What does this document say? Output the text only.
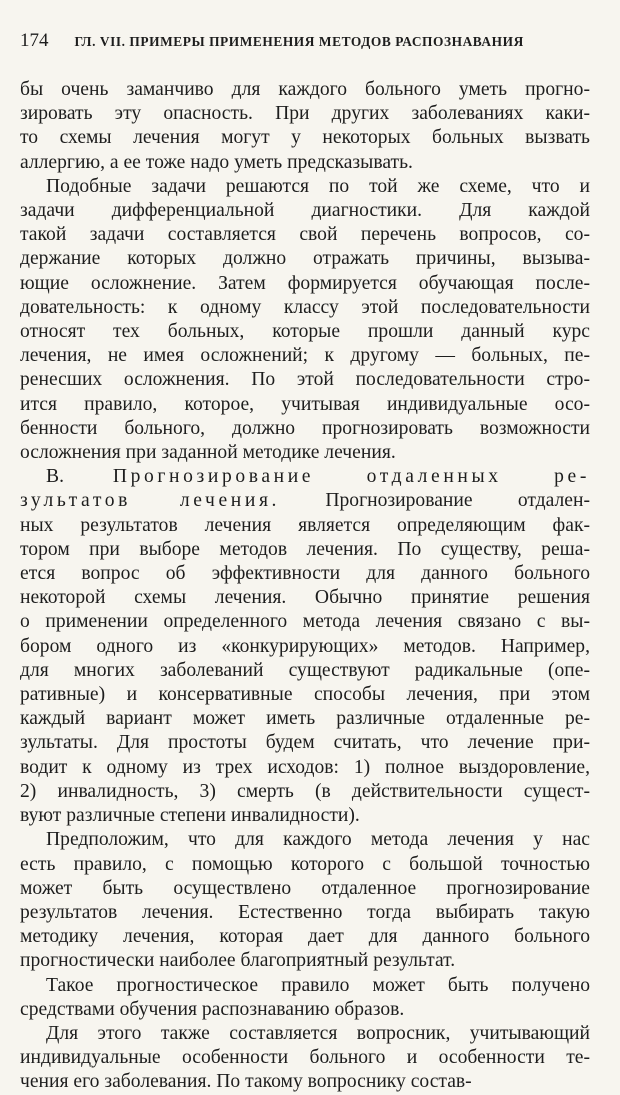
174 ГЛ. VII. ПРИМЕРЫ ПРИМЕНЕНИЯ МЕТОДОВ РАСПОЗНАВАНИЯ

бы очень заманчиво для каждого больного уметь прогно-
зировать эту опасность. При других заболеваниях каки-
то схемы лечения могут у некоторых больных вызвать
аллергию, а ее тоже надо уметь предсказывать.

Подобные задачи решаются по той же схеме, что и
задачи дифференциальной диагностики. Для каждой
такой задачи составляется свой перечень вопросов, со-
держание которых должно отражать причины, вызыва-
ющие осложнение. Затем формируется обучающая после-
довательность: к одному классу этой последовательности
относят тех больных, которые прошли данный курс
лечения, не имея осложнений; к другому — больных, пе-
ренесших осложнения. По этой последовательности стро-
ится правило, которое, учитывая индивидуальные осо-
бенности больного, должно прогнозировать возможности
осложнения при заданной методике лечения.

В. Прогнозирование отдаленных ре-
зультатов лечения. Прогнозирование отдален-
ных результатов лечения является определяющим фак-
тором при выборе методов лечения. По существу, реша-
ется вопрос об эффективности для данного больного
некоторой схемы лечения. Обычно принятие решения
о применении определенного метода лечения связано с вы-
бором одного из «конкурирующих» методов. Например,
для многих заболеваний существуют радикальные (опе-
ративные) и консервативные способы лечения, при этом
каждый вариант может иметь различные отдаленные ре-
зультаты. Для простоты будем считать, что лечение при-
водит к одному из трех исходов: 1) полное выздоровление,
2) инвалидность, 3) смерть (в действительности сущест-
вуют различные степени инвалидности).

Предположим, что для каждого метода лечения у нас
есть правило, с помощью которого с большой точностью
может быть осуществлено отдаленное прогнозирование
результатов лечения. Естественно тогда выбирать такую
методику лечения, которая дает для данного больного
прогностически наиболее благоприятный результат.

Такое прогностическое правило может быть получено
средствами обучения распознаванию образов.

Для этого также составляется вопросник, учитывающий
индивидуальные особенности больного и особенности те-
чения его заболевания. По такому вопроснику состав-
